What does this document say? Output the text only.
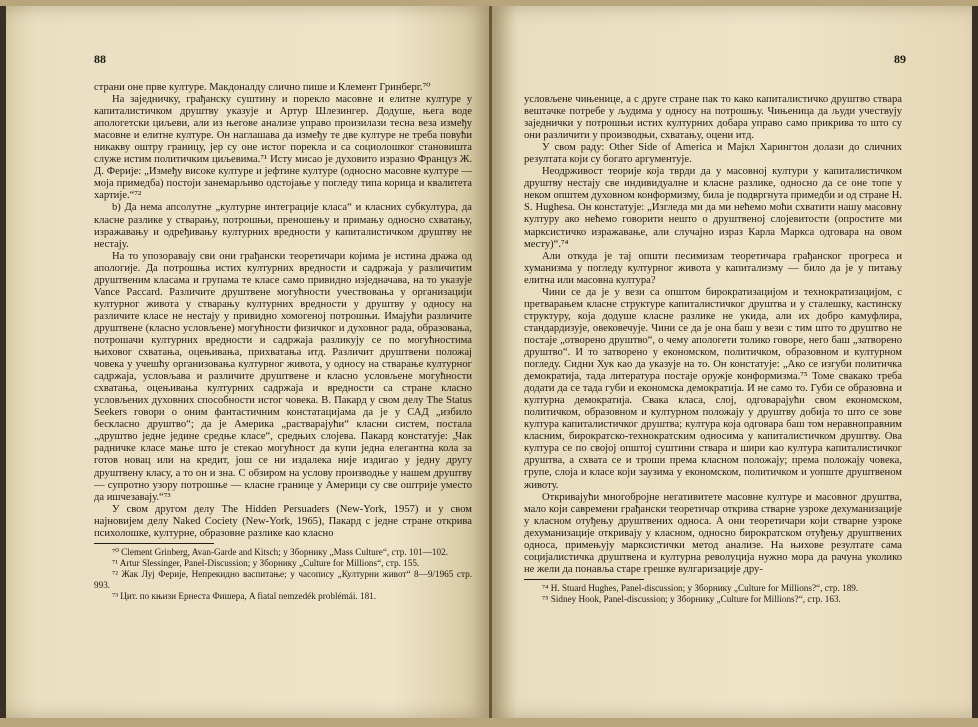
88

страни оне прве културе. Макдоналду слично пише и Клемент Гринберг.⁷⁰

На заједничку, грађанску суштину и порекло масовне и елитне културе у капиталистичком друштву указује и Артур Шлезингер. Додуше, њега воде апологетски циљеви, али из његове анализе управо произилази тесна веза између масовне и елитне културе. Он наглашава да између те две културе не треба повући никакву оштру границу, јер су оне истог порекла и са социолошког становишта служе истим политичким циљевима.⁷¹ Исту мисао је духовито изразио Француз Ж. Д. Ферије: „Између високе културе и јефтине културе (односно масовне културе — моја примедба) постоји занемарљиво одстојање у погледу типа корица и квалитета хартије.“⁷²

b) Да нема апсолутне „културне интеграције класа“ и класних субкултура, да класне разлике у стварању, потрошњи, преношењу и примању односно схватању, изражавању и одређивању културних вредности у капиталистичком друштву не нестају.

На то упозоравају сви они грађански теоретичари којима је истина дража од апологије. Да потрошња истих културних вредности и садржаја у различитим друштвеним класама и групама те класе само привидно изједначава, на то указује Vance Paccard. Различите друштвене могућности учествовања у организацији културног живота у стварању културних вредности у друштву у односу на различите класе не нестају у привидно хомогеној потрошњи. Имајући различите друштвене (класно условљене) могућности физичког и духовног рада, образовања, потрошачи културних вредности и садржаја разликују се по могућностима њиховог схватања, оцењивања, прихватања итд. Различит друштвени положај човека у учешћу организовања културног живота, у односу на стварање културног садржаја, условљава и различите друштвене и класно условљене могућности схватања, оцењивања културних садржаја и вредности са стране класно условљених духовних способности истог човека. В. Пакард у свом делу The Status Seekers говори о оним фантастичним констатацијама да је у САД „избило бескласно друштво“; да је Америка „растварајући“ класни систем, постала „друштво једне једине средње класе“, средњих слојева. Пакард констатује: „Чак радничке класе мање што је стекао могућност да купи једна елегантна кола за готов новац или на кредит, још се ни издалека није издигао у једну другу друштвену класу, а то он и зна. С обзиром на услову производње у нашем друштву — супротно узору потрошње — класне границе у Америци су све оштрије уместо да ишчезавају.“⁷³

У свом другом делу The Hidden Persuaders (New-York, 1957) и у свом најновијем делу Naked Cociety (New-York, 1965), Пакард с једне стране открива психолошке, културне, образовне разлике као класно

⁷⁰ Clement Grinberg, Avan-Garde and Kitsch; у Зборнику „Mass Culture“, стр. 101—102.

⁷¹ Artur Slessinger, Panel-Discussion; у Зборнику „Culture for Millions“, стр. 155.

⁷² Жак Луј Ферије, Непрекидно васпитање; у часопису „Културни живот“ 8—9/1965 стр. 993.

⁷³ Цит. по књизи Ернеста Фишера, A fiatal nemzedék problémái. 181.

89

условљене чињенице, а с друге стране пак то како капиталистичко друштво ствара вештачке потребе у људима у односу на потрошњу. Чињеница да људи учествују заједнички у потрошњи истих културних добара управо само прикрива то што су они различити у производњи, схватању, оцени итд.

У свом раду: Other Side of America и Мајкл Харингтон долази до сличних резултата који су богато аргументује.

Неодрживост теорије која тврди да у масовној култури у капиталистичком друштву нестају све индивидуалне и класне разлике, односно да се оне топе у неком општем духовном конформизму, била је подвргнута примедби и од стране H. S. Hughesa. Он констатује: „Изгледа ми да ми нећемо моћи схватити нашу масовну културу ако нећемо говорити нешто о друштвеној слојевитости (опростите ми марксистичко изражавање, али случајно израз Карла Маркса одговара на овом месту)“.⁷⁴

Али откуда је тај општи песимизам теоретичара грађанског прогреса и хуманизма у погледу културног живота у капитализму — било да је у питању елитна или масовна култура?

Чини се да је у вези са општом бирократизацијом и технократизацијом, с претварањем класне структуре капиталистичког друштва и у сталешку, кастинску структуру, која додуше класне разлике не укида, али их добро камуфлира, стандардизује, овековечује. Чини се да је она баш у вези с тим што то друштво не постаје „отворено друштво“, о чему апологети толико говоре, него баш „затворено друштво“. И то затворено у економском, политичком, образовном и културном погледу. Сидни Хук као да указује на то. Он констатује: „Ако се изгуби политичка демократија, тада литература постаје оружје конформизма.⁷⁵ Томе свакако треба додати да се тада губи и економска демократија. И не само то. Губи се образовна и културна демократија. Свака класа, слој, одговарајући свом економском, политичком, образовном и културном положају у друштву добија то што се зове култура капиталистичког друштва; култура која одговара баш том неравноправним класним, бирократско-технократским односима у капиталистичком друштву. Ова култура се по својој општој суштини ствара и шири као култура капиталистичког друштва, а схвата се и троши према класном положају; према положају човека, групе, слоја и класе који заузима у економском, политичком и уопште друштвеном животу.

Откривајући многобројне негативитете масовне културе и масовног друштва, мало који савремени грађански теоретичар открива стварне узроке дехуманизације у класном отуђењу друштвених односа. А они теоретичари који стварне узроке дехуманизације откривају у класном, односно бирократском отуђењу друштвених односа, примењују марксистички метод анализе. На њихове резултате сама социјалистичка друштвена и културна револуција нужно мора да рачуна уколико не жели да понавља старе грешке вулгаризације дру-

⁷⁴ H. Stuard Hughes, Panel-discussion; у Зборнику „Culture for Millions?“, стр. 189.

⁷⁵ Sidney Hook, Panel-discussion; у Зборнику „Culture for Millions?“, стр. 163.
